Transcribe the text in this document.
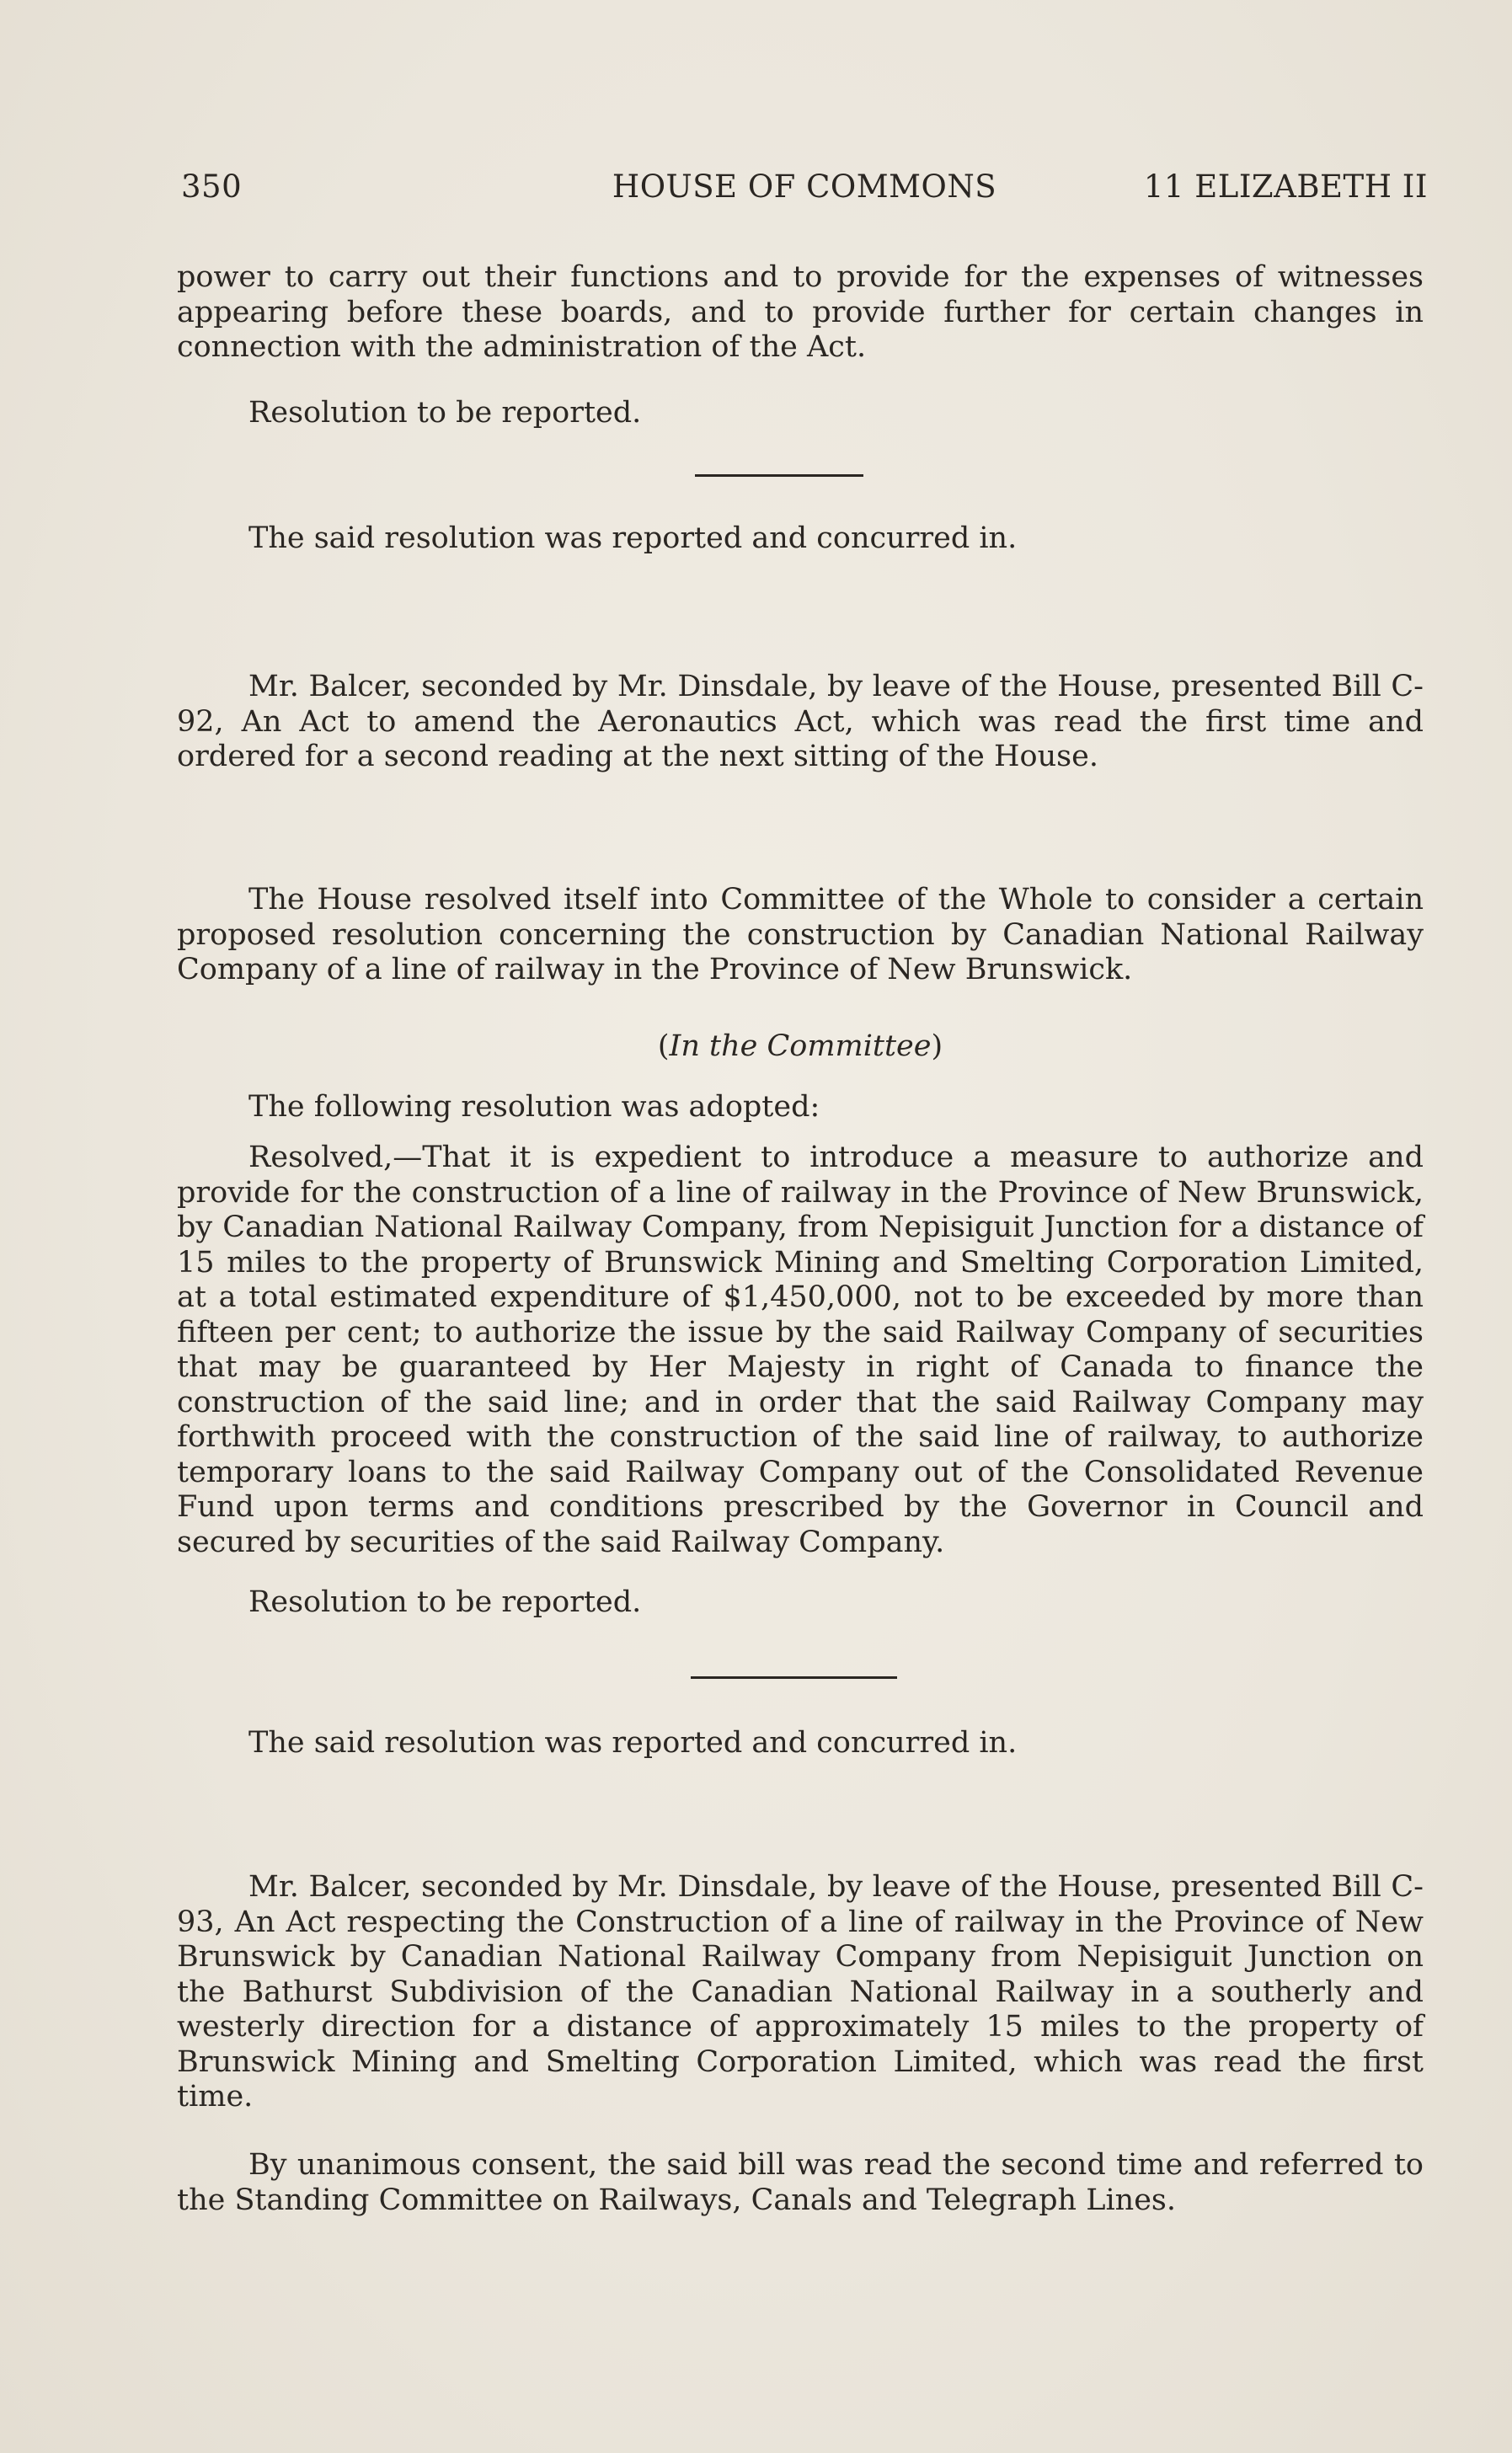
350	HOUSE OF COMMONS	11 ELIZABETH II

power to carry out their functions and to provide for the expenses of witnesses appearing before these boards, and to provide further for certain changes in connection with the administration of the Act.

Resolution to be reported.

The said resolution was reported and concurred in.

Mr. Balcer, seconded by Mr. Dinsdale, by leave of the House, presented Bill C-92, An Act to amend the Aeronautics Act, which was read the first time and ordered for a second reading at the next sitting of the House.

The House resolved itself into Committee of the Whole to consider a certain proposed resolution concerning the construction by Canadian National Railway Company of a line of railway in the Province of New Brunswick.

(In the Committee)

The following resolution was adopted:

Resolved,—That it is expedient to introduce a measure to authorize and provide for the construction of a line of railway in the Province of New Brunswick, by Canadian National Railway Company, from Nepisiguit Junction for a distance of 15 miles to the property of Brunswick Mining and Smelting Corporation Limited, at a total estimated expenditure of $1,450,000, not to be exceeded by more than fifteen per cent; to authorize the issue by the said Railway Company of securities that may be guaranteed by Her Majesty in right of Canada to finance the construction of the said line; and in order that the said Railway Company may forthwith proceed with the construction of the said line of railway, to authorize temporary loans to the said Railway Company out of the Consolidated Revenue Fund upon terms and conditions prescribed by the Governor in Council and secured by securities of the said Railway Company.

Resolution to be reported.

The said resolution was reported and concurred in.

Mr. Balcer, seconded by Mr. Dinsdale, by leave of the House, presented Bill C-93, An Act respecting the Construction of a line of railway in the Province of New Brunswick by Canadian National Railway Company from Nepisiguit Junction on the Bathurst Subdivision of the Canadian National Railway in a southerly and westerly direction for a distance of approximately 15 miles to the property of Brunswick Mining and Smelting Corporation Limited, which was read the first time.

By unanimous consent, the said bill was read the second time and referred to the Standing Committee on Railways, Canals and Telegraph Lines.
